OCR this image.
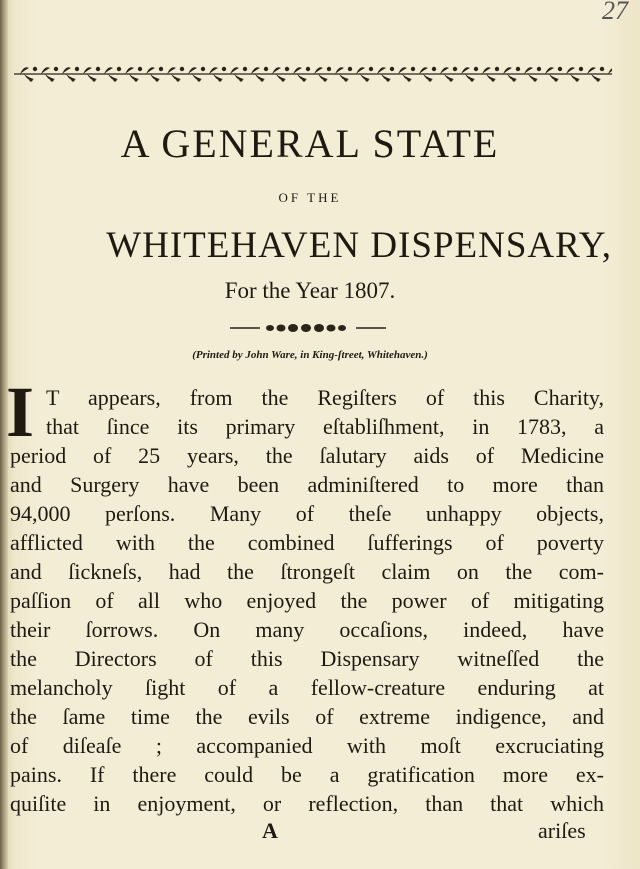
27
A GENERAL STATE
OF THE
WHITEHAVEN DISPENSARY,
For the Year 1807.
(Printed by John Ware, in King-ſtreet, Whitehaven.)
I T appears, from the Regiſters of this Charity,
that ſince its primary eſtabliſhment, in 1783, a
period of 25 years, the ſalutary aids of Medicine
and Surgery have been adminiſtered to more than
94,000 perſons. Many of theſe unhappy objects,
afflicted with the combined ſufferings of poverty
and ſickneſs, had the ſtrongeſt claim on the com-
paſſion of all who enjoyed the power of mitigating
their ſorrows. On many occaſions, indeed, have
the Directors of this Dispensary witneſſed the
melancholy ſight of a fellow-creature enduring at
the ſame time the evils of extreme indigence, and
of diſeaſe ; accompanied with moſt excruciating
pains. If there could be a gratification more ex-
quiſite in enjoyment, or reflection, than that which
A	ariſes
